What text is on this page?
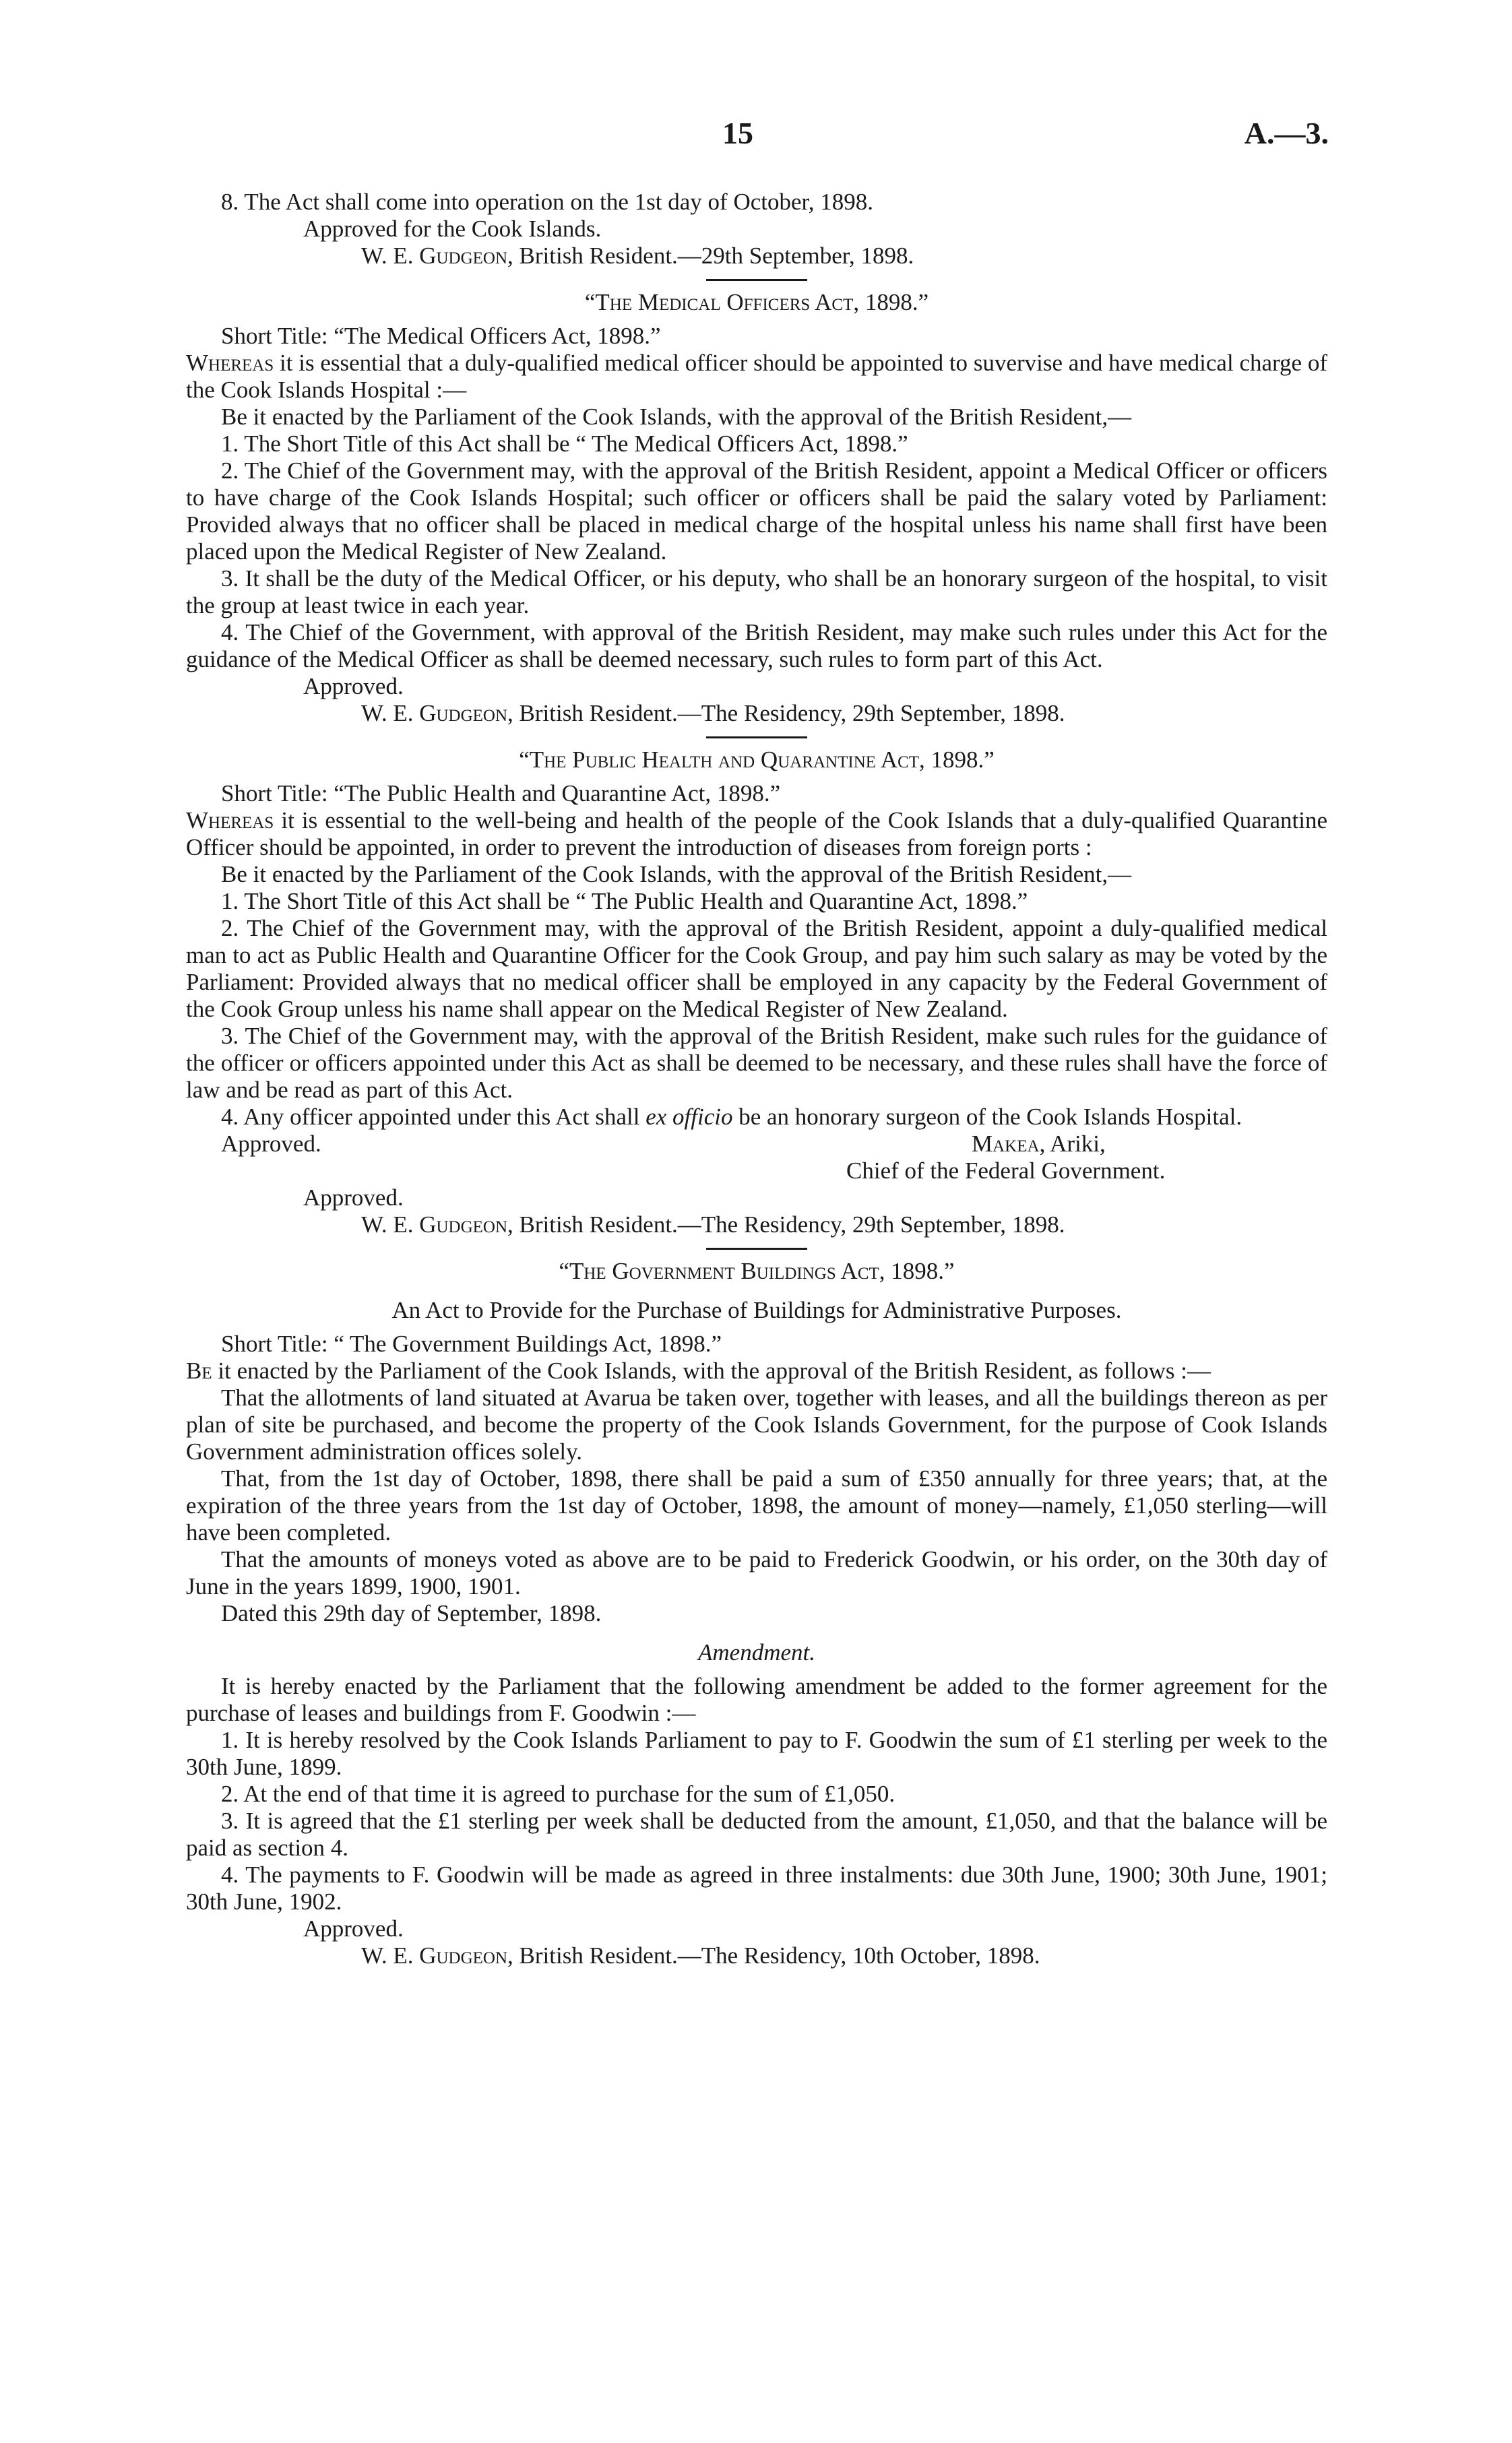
15	A.—3.

8. The Act shall come into operation on the 1st day of October, 1898.

Approved for the Cook Islands.

W. E. Gudgeon, British Resident.—29th September, 1898.

“The Medical Officers Act, 1898.”

Short Title: “The Medical Officers Act, 1898.”

Whereas it is essential that a duly-qualified medical officer should be appointed to suvervise and have medical charge of the Cook Islands Hospital :—

Be it enacted by the Parliament of the Cook Islands, with the approval of the British Resident,—

1. The Short Title of this Act shall be “ The Medical Officers Act, 1898.”

2. The Chief of the Government may, with the approval of the British Resident, appoint a Medical Officer or officers to have charge of the Cook Islands Hospital; such officer or officers shall be paid the salary voted by Parliament: Provided always that no officer shall be placed in medical charge of the hospital unless his name shall first have been placed upon the Medical Register of New Zealand.

3. It shall be the duty of the Medical Officer, or his deputy, who shall be an honorary surgeon of the hospital, to visit the group at least twice in each year.

4. The Chief of the Government, with approval of the British Resident, may make such rules under this Act for the guidance of the Medical Officer as shall be deemed necessary, such rules to form part of this Act.

Approved.

W. E. Gudgeon, British Resident.—The Residency, 29th September, 1898.

“The Public Health and Quarantine Act, 1898.”

Short Title: “The Public Health and Quarantine Act, 1898.”

Whereas it is essential to the well-being and health of the people of the Cook Islands that a duly-qualified Quarantine Officer should be appointed, in order to prevent the introduction of diseases from foreign ports :

Be it enacted by the Parliament of the Cook Islands, with the approval of the British Resident,—

1. The Short Title of this Act shall be “ The Public Health and Quarantine Act, 1898.”

2. The Chief of the Government may, with the approval of the British Resident, appoint a duly-qualified medical man to act as Public Health and Quarantine Officer for the Cook Group, and pay him such salary as may be voted by the Parliament: Provided always that no medical officer shall be employed in any capacity by the Federal Government of the Cook Group unless his name shall appear on the Medical Register of New Zealand.

3. The Chief of the Government may, with the approval of the British Resident, make such rules for the guidance of the officer or officers appointed under this Act as shall be deemed to be necessary, and these rules shall have the force of law and be read as part of this Act.

4. Any officer appointed under this Act shall ex officio be an honorary surgeon of the Cook Islands Hospital.

Approved.	Makea, Ariki,

Chief of the Federal Government.

Approved.

W. E. Gudgeon, British Resident.—The Residency, 29th September, 1898.

“The Government Buildings Act, 1898.”

An Act to Provide for the Purchase of Buildings for Administrative Purposes.

Short Title: “ The Government Buildings Act, 1898.”

Be it enacted by the Parliament of the Cook Islands, with the approval of the British Resident, as follows :—

That the allotments of land situated at Avarua be taken over, together with leases, and all the buildings thereon as per plan of site be purchased, and become the property of the Cook Islands Government, for the purpose of Cook Islands Government administration offices solely.

That, from the 1st day of October, 1898, there shall be paid a sum of £350 annually for three years; that, at the expiration of the three years from the 1st day of October, 1898, the amount of money—namely, £1,050 sterling—will have been completed.

That the amounts of moneys voted as above are to be paid to Frederick Goodwin, or his order, on the 30th day of June in the years 1899, 1900, 1901.

Dated this 29th day of September, 1898.

Amendment.

It is hereby enacted by the Parliament that the following amendment be added to the former agreement for the purchase of leases and buildings from F. Goodwin :—

1. It is hereby resolved by the Cook Islands Parliament to pay to F. Goodwin the sum of £1 sterling per week to the 30th June, 1899.

2. At the end of that time it is agreed to purchase for the sum of £1,050.

3. It is agreed that the £1 sterling per week shall be deducted from the amount, £1,050, and that the balance will be paid as section 4.

4. The payments to F. Goodwin will be made as agreed in three instalments: due 30th June, 1900; 30th June, 1901; 30th June, 1902.

Approved.

W. E. Gudgeon, British Resident.—The Residency, 10th October, 1898.
